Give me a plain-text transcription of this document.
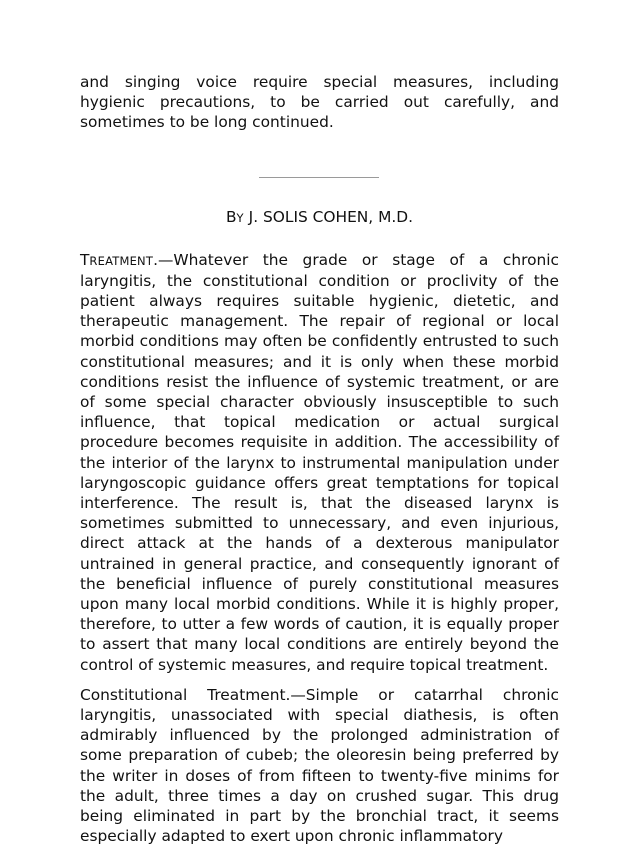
and singing voice require special measures, including hygienic precautions, to be carried out carefully, and sometimes to be long continued.

BY J. SOLIS COHEN, M.D.

TREATMENT.—Whatever the grade or stage of a chronic laryngitis, the constitutional condition or proclivity of the patient always requires suitable hygienic, dietetic, and therapeutic management. The repair of regional or local morbid conditions may often be confidently entrusted to such constitutional measures; and it is only when these morbid conditions resist the influence of systemic treatment, or are of some special character obviously insusceptible to such influence, that topical medication or actual surgical procedure becomes requisite in addition. The accessibility of the interior of the larynx to instrumental manipulation under laryngoscopic guidance offers great temptations for topical interference. The result is, that the diseased larynx is sometimes submitted to unnecessary, and even injurious, direct attack at the hands of a dexterous manipulator untrained in general practice, and consequently ignorant of the beneficial influence of purely constitutional measures upon many local morbid conditions. While it is highly proper, therefore, to utter a few words of caution, it is equally proper to assert that many local conditions are entirely beyond the control of systemic measures, and require topical treatment.

Constitutional Treatment.—Simple or catarrhal chronic laryngitis, unassociated with special diathesis, is often admirably influenced by the prolonged administration of some preparation of cubeb; the oleoresin being preferred by the writer in doses of from fifteen to twenty-five minims for the adult, three times a day on crushed sugar. This drug being eliminated in part by the bronchial tract, it seems especially adapted to exert upon chronic inflammatory
